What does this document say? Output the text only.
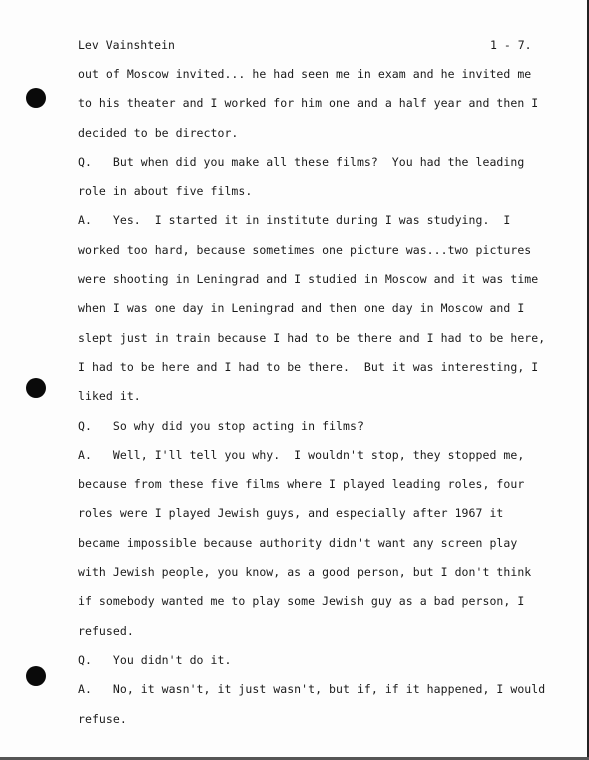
Lev Vainshtein	1 - 7.
out of Moscow invited... he had seen me in exam and he invited me
to his theater and I worked for him one and a half year and then I
decided to be director.
Q.   But when did you make all these films?  You had the leading
role in about five films.
A.   Yes.  I started it in institute during I was studying.  I
worked too hard, because sometimes one picture was...two pictures
were shooting in Leningrad and I studied in Moscow and it was time
when I was one day in Leningrad and then one day in Moscow and I
slept just in train because I had to be there and I had to be here,
I had to be here and I had to be there.  But it was interesting, I
liked it.
Q.   So why did you stop acting in films?
A.   Well, I'll tell you why.  I wouldn't stop, they stopped me,
because from these five films where I played leading roles, four
roles were I played Jewish guys, and especially after 1967 it
became impossible because authority didn't want any screen play
with Jewish people, you know, as a good person, but I don't think
if somebody wanted me to play some Jewish guy as a bad person, I
refused.
Q.   You didn't do it.
A.   No, it wasn't, it just wasn't, but if, if it happened, I would
refuse.
